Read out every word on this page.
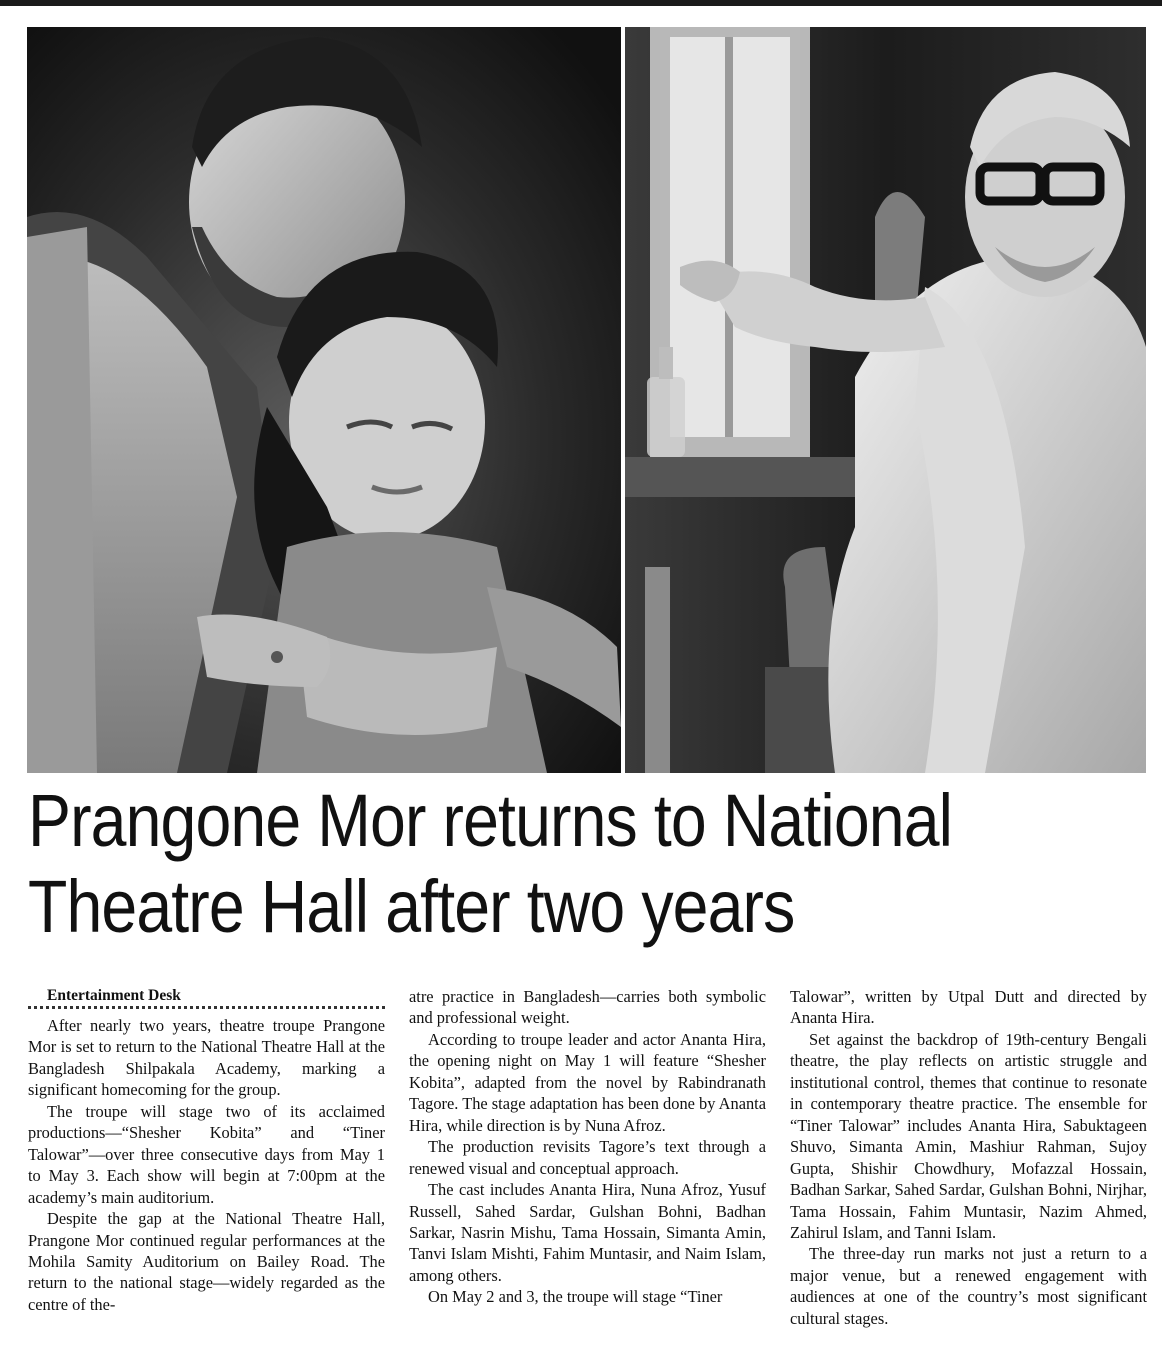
Prangone Mor returns to National
Theatre Hall after two years

Entertainment Desk

After nearly two years, theatre troupe Prangone Mor is set to return to the National Theatre Hall at the Bangladesh Shilpakala Academy, marking a significant homecoming for the group.

The troupe will stage two of its acclaimed productions—“Shesher Kobita” and “Tiner Talowar”—over three consecutive days from May 1 to May 3. Each show will begin at 7:00pm at the academy’s main auditorium.

Despite the gap at the National Theatre Hall, Prangone Mor continued regular performances at the Mohila Samity Auditorium on Bailey Road. The return to the national stage—widely regarded as the centre of the-

atre practice in Bangladesh—carries both symbolic and professional weight.

According to troupe leader and actor Ananta Hira, the opening night on May 1 will feature “Shesher Kobita”, adapted from the novel by Rabindranath Tagore. The stage adaptation has been done by Ananta Hira, while direction is by Nuna Afroz.

The production revisits Tagore’s text through a renewed visual and conceptual approach.

The cast includes Ananta Hira, Nuna Afroz, Yusuf Russell, Sahed Sardar, Gulshan Bohni, Badhan Sarkar, Nasrin Mishu, Tama Hossain, Simanta Amin, Tanvi Islam Mishti, Fahim Muntasir, and Naim Islam, among others.

On May 2 and 3, the troupe will stage “Tiner

Talowar”, written by Utpal Dutt and directed by Ananta Hira.

Set against the backdrop of 19th-century Bengali theatre, the play reflects on artistic struggle and institutional control, themes that continue to resonate in contemporary theatre practice. The ensemble for “Tiner Talowar” includes Ananta Hira, Sabuktageen Shuvo, Simanta Amin, Mashiur Rahman, Sujoy Gupta, Shishir Chowdhury, Mofazzal Hossain, Badhan Sarkar, Sahed Sardar, Gulshan Bohni, Nirjhar, Tama Hossain, Fahim Muntasir, Nazim Ahmed, Zahirul Islam, and Tanni Islam.

The three-day run marks not just a return to a major venue, but a renewed engagement with audiences at one of the country’s most significant cultural stages.
